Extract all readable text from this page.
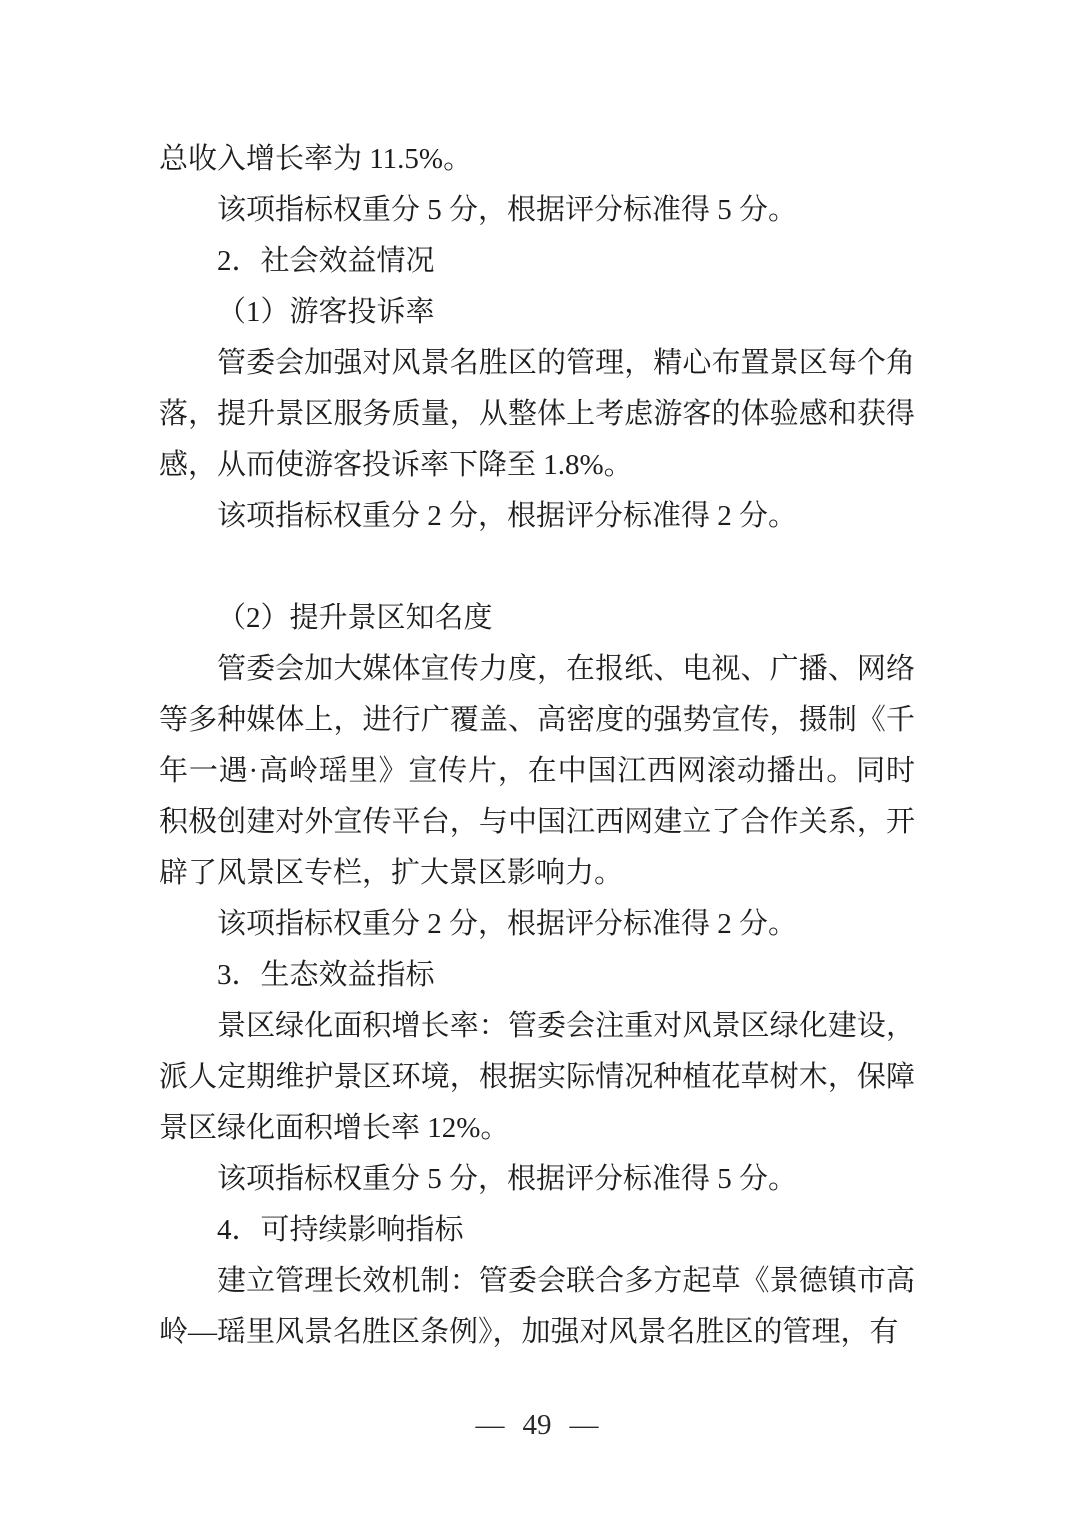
总收入增长率为 11.5%。

该项指标权重分 5 分，根据评分标准得 5 分。

2．社会效益情况

（1）游客投诉率

管委会加强对风景名胜区的管理，精心布置景区每个角落，提升景区服务质量，从整体上考虑游客的体验感和获得感，从而使游客投诉率下降至 1.8%。

该项指标权重分 2 分，根据评分标准得 2 分。

（2）提升景区知名度

管委会加大媒体宣传力度，在报纸、电视、广播、网络等多种媒体上，进行广覆盖、高密度的强势宣传，摄制《千年一遇·高岭瑶里》宣传片，在中国江西网滚动播出。同时积极创建对外宣传平台，与中国江西网建立了合作关系，开辟了风景区专栏，扩大景区影响力。

该项指标权重分 2 分，根据评分标准得 2 分。

3．生态效益指标

景区绿化面积增长率：管委会注重对风景区绿化建设，派人定期维护景区环境，根据实际情况种植花草树木，保障景区绿化面积增长率 12%。

该项指标权重分 5 分，根据评分标准得 5 分。

4．可持续影响指标

建立管理长效机制：管委会联合多方起草《景德镇市高岭—瑶里风景名胜区条例》，加强对风景名胜区的管理，有

— 49 —
